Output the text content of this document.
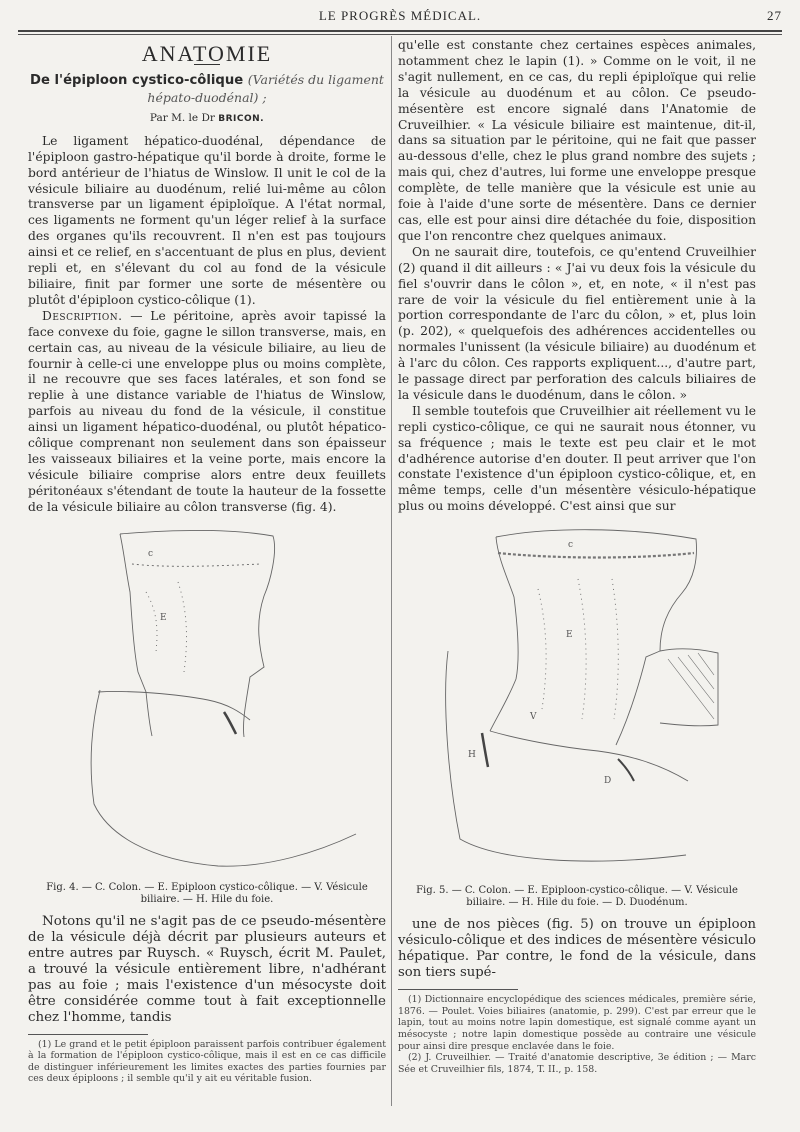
LE PROGRÈS MÉDICAL.	27
ANATOMIE

De l'épiploon cystico-côlique (Variétés du ligament hépato-duodénal) ;

Par M. le Dr BRICON.

Le ligament hépatico-duodénal, dépendance de l'épiploon gastro-hépatique qu'il borde à droite, forme le bord antérieur de l'hiatus de Winslow. Il unit le col de la vésicule biliaire au duodénum, relié lui-même au côlon transverse par un ligament épiploïque. A l'état normal, ces ligaments ne forment qu'un léger relief à la surface des organes qu'ils recouvrent. Il n'en est pas toujours ainsi et ce relief, en s'accentuant de plus en plus, devient repli et, en s'élevant du col au fond de la vésicule biliaire, finit par former une sorte de mésentère ou plutôt d'épiploon cystico-côlique (1).

Description. — Le péritoine, après avoir tapissé la face convexe du foie, gagne le sillon transverse, mais, en certain cas, au niveau de la vésicule biliaire, au lieu de fournir à celle-ci une enveloppe plus ou moins complète, il ne recouvre que ses faces latérales, et son fond se replie à une distance variable de l'hiatus de Winslow, parfois au niveau du fond de la vésicule, il constitue ainsi un ligament hépatico-duodénal, ou plutôt hépatico-côlique comprenant non seulement dans son épaisseur les vaisseaux biliaires et la veine porte, mais encore la vésicule biliaire comprise alors entre deux feuillets péritonéaux s'étendant de toute la hauteur de la fossette de la vésicule biliaire au côlon transverse (fig. 4).

c
E
Fig. 4. — C. Colon. — E. Epiploon cystico-côlique. — V. Vésicule biliaire. — H. Hile du foie.

Notons qu'il ne s'agit pas de ce pseudo-mésentère de la vésicule déjà décrit par plusieurs auteurs et entre autres par Ruysch. « Ruysch, écrit M. Paulet, a trouvé la vésicule entièrement libre, n'adhérant pas au foie ; mais l'existence d'un mésocyste doit être considérée comme tout à fait exceptionnelle chez l'homme, tandis

(1) Le grand et le petit épiploon paraissent parfois contribuer également à la formation de l'épiploon cystico-côlique, mais il est en ce cas difficile de distinguer inférieurement les limites exactes des parties fournies par ces deux épiploons ; il semble qu'il y ait eu véritable fusion.

qu'elle est constante chez certaines espèces animales, notamment chez le lapin (1). » Comme on le voit, il ne s'agit nullement, en ce cas, du repli épiploïque qui relie la vésicule au duodénum et au côlon. Ce pseudo-mésentère est encore signalé dans l'Anatomie de Cruveilhier. « La vésicule biliaire est maintenue, dit-il, dans sa situation par le péritoine, qui ne fait que passer au-dessous d'elle, chez le plus grand nombre des sujets ; mais qui, chez d'autres, lui forme une enveloppe presque complète, de telle manière que la vésicule est unie au foie à l'aide d'une sorte de mésentère. Dans ce dernier cas, elle est pour ainsi dire détachée du foie, disposition que l'on rencontre chez quelques animaux.

On ne saurait dire, toutefois, ce qu'entend Cruveilhier (2) quand il dit ailleurs : « J'ai vu deux fois la vésicule du fiel s'ouvrir dans le côlon », et, en note, « il n'est pas rare de voir la vésicule du fiel entièrement unie à la portion correspondante de l'arc du côlon, » et, plus loin (p. 202), « quelquefois des adhérences accidentelles ou normales l'unissent (la vésicule biliaire) au duodénum et à l'arc du côlon. Ces rapports expliquent..., d'autre part, le passage direct par perforation des calculs biliaires de la vésicule dans le duodénum, dans le côlon. »

Il semble toutefois que Cruveilhier ait réellement vu le repli cystico-côlique, ce qui ne saurait nous étonner, vu sa fréquence ; mais le texte est peu clair et le mot d'adhérence autorise d'en douter. Il peut arriver que l'on constate l'existence d'un épiploon cystico-côlique, et, en même temps, celle d'un mésentère vésiculo-hépatique plus ou moins développé. C'est ainsi que sur

c
E
V
D
H
Fig. 5. — C. Colon. — E. Epiploon-cystico-côlique. — V. Vésicule biliaire. — H. Hile du foie. — D. Duodénum.

une de nos pièces (fig. 5) on trouve un épiploon vésiculo-côlique et des indices de mésentère vésiculo hépatique. Par contre, le fond de la vésicule, dans son tiers supé-

(1) Dictionnaire encyclopédique des sciences médicales, première série, 1876. — Poulet. Voies biliaires (anatomie, p. 299). C'est par erreur que le lapin, tout au moins notre lapin domestique, est signalé comme ayant un mésocyste ; notre lapin domestique possède au contraire une vésicule pour ainsi dire presque enclavée dans le foie.

(2) J. Cruveilhier. — Traité d'anatomie descriptive, 3e édition ; — Marc Sée et Cruveilhier fils, 1874, T. II., p. 158.
